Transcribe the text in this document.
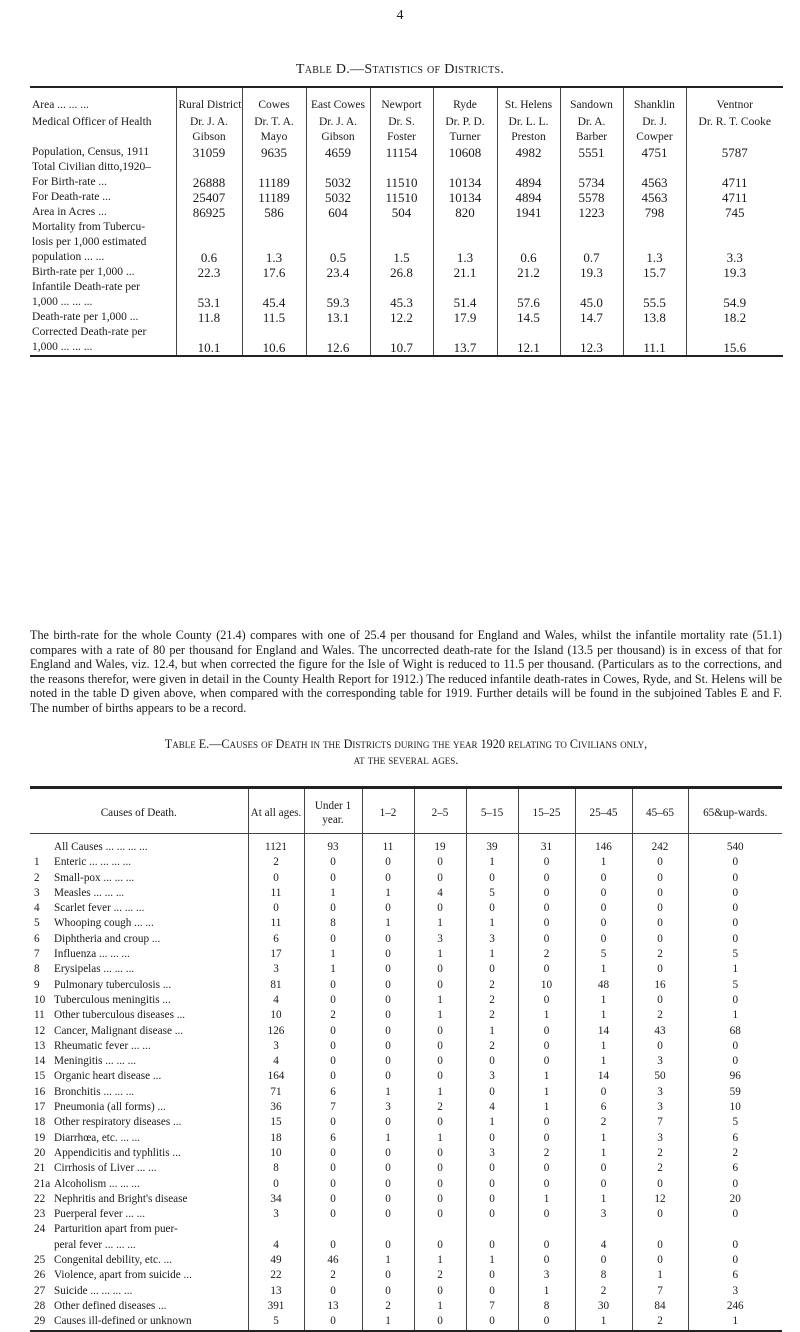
4
Table D.—Statistics of Districts.

Area ... ... ...	Rural District	Cowes	East Cowes	Newport	Ryde	St. Helens	Sandown	Shanklin	Ventnor
Medical Officer of Health	Dr. J. A. Gibson	Dr. T. A. Mayo	Dr. J. A. Gibson	Dr. S. Foster	Dr. P. D. Turner	Dr. L. L. Preston	Dr. A. Barber	Dr. J. Cowper	Dr. R. T. Cooke
Population, Census, 1911	31059	9635	4659	11154	10608	4982	5551	4751	5787
Total Civilian ditto,1920–									
For Birth-rate ...	26888	11189	5032	11510	10134	4894	5734	4563	4711
For Death-rate ...	25407	11189	5032	11510	10134	4894	5578	4563	4711
Area in Acres ...	86925	586	604	504	820	1941	1223	798	745
Mortality from Tubercu-									
losis per 1,000 estimated									
population ... ...	0.6	1.3	0.5	1.5	1.3	0.6	0.7	1.3	3.3
Birth-rate per 1,000 ...	22.3	17.6	23.4	26.8	21.1	21.2	19.3	15.7	19.3
Infantile Death-rate per									
1,000 ... ... ...	53.1	45.4	59.3	45.3	51.4	57.6	45.0	55.5	54.9
Death-rate per 1,000 ...	11.8	11.5	13.1	12.2	17.9	14.5	14.7	13.8	18.2
Corrected Death-rate per									
1,000 ... ... ...	10.1	10.6	12.6	10.7	13.7	12.1	12.3	11.1	15.6
The birth-rate for the whole County (21.4) compares with one of 25.4 per thousand for England and Wales, whilst the infantile mortality rate (51.1) compares with a rate of 80 per thousand for England and Wales. The uncorrected death-rate for the Island (13.5 per thousand) is in excess of that for England and Wales, viz. 12.4, but when corrected the figure for the Isle of Wight is reduced to 11.5 per thousand. (Particulars as to the corrections, and the reasons therefor, were given in detail in the County Health Report for 1912.) The reduced infantile death-rates in Cowes, Ryde, and St. Helens will be noted in the table D given above, when compared with the corresponding table for 1919. Further details will be found in the subjoined Tables E and F. The number of births appears to be a record.
Table E.—Causes of Death in the Districts during the year 1920 relating to Civilians only,
at the several ages.
Causes of Death.		At all ages.	Under 1 year.	1–2	2–5	5–15	15–25	25–45	45–65	65&up-wards.
	All Causes ... ... ... ...	1121	93	11	19	39	31	146	242	540
1	Enteric ... ... ... ...	2	0	0	0	1	0	1	0	0
2	Small-pox ... ... ...	0	0	0	0	0	0	0	0	0
3	Measles ... ... ...	11	1	1	4	5	0	0	0	0
4	Scarlet fever ... ... ...	0	0	0	0	0	0	0	0	0
5	Whooping cough ... ...	11	8	1	1	1	0	0	0	0
6	Diphtheria and croup ...	6	0	0	3	3	0	0	0	0
7	Influenza ... ... ...	17	1	0	1	1	2	5	2	5
8	Erysipelas ... ... ...	3	1	0	0	0	0	1	0	1
9	Pulmonary tuberculosis ...	81	0	0	0	2	10	48	16	5
10	Tuberculous meningitis ...	4	0	0	1	2	0	1	0	0
11	Other tuberculous diseases ...	10	2	0	1	2	1	1	2	1
12	Cancer, Malignant disease ...	126	0	0	0	1	0	14	43	68
13	Rheumatic fever ... ...	3	0	0	0	2	0	1	0	0
14	Meningitis ... ... ...	4	0	0	0	0	0	1	3	0
15	Organic heart disease ...	164	0	0	0	3	1	14	50	96
16	Bronchitis ... ... ...	71	6	1	1	0	1	0	3	59
17	Pneumonia (all forms) ...	36	7	3	2	4	1	6	3	10
18	Other respiratory diseases ...	15	0	0	0	1	0	2	7	5
19	Diarrhœa, etc. ... ...	18	6	1	1	0	0	1	3	6
20	Appendicitis and typhlitis ...	10	0	0	0	3	2	1	2	2
21	Cirrhosis of Liver ... ...	8	0	0	0	0	0	0	2	6
21a	Alcoholism ... ... ...	0	0	0	0	0	0	0	0	0
22	Nephritis and Bright's disease	34	0	0	0	0	1	1	12	20
23	Puerperal fever ... ...	3	0	0	0	0	0	3	0	0
24	Parturition apart from puer-									
	peral fever ... ... ...	4	0	0	0	0	0	4	0	0
25	Congenital debility, etc. ...	49	46	1	1	1	0	0	0	0
26	Violence, apart from suicide ...	22	2	0	2	0	3	8	1	6
27	Suicide ... ... ... ...	13	0	0	0	0	1	2	7	3
28	Other defined diseases ...	391	13	2	1	7	8	30	84	246
29	Causes ill-defined or unknown	5	0	1	0	0	0	1	2	1
